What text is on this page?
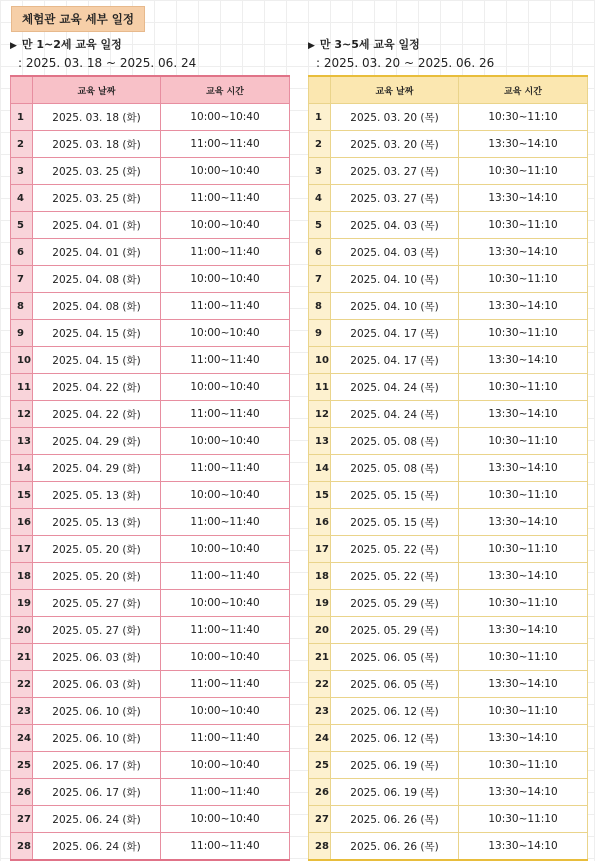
체험관 교육 세부 일정
▶ 만 1~2세 교육 일정
: 2025. 03. 18 ~ 2025. 06. 24
	교육 날짜	교육 시간
1	2025. 03. 18 (화)	10:00~10:40
2	2025. 03. 18 (화)	11:00~11:40
3	2025. 03. 25 (화)	10:00~10:40
4	2025. 03. 25 (화)	11:00~11:40
5	2025. 04. 01 (화)	10:00~10:40
6	2025. 04. 01 (화)	11:00~11:40
7	2025. 04. 08 (화)	10:00~10:40
8	2025. 04. 08 (화)	11:00~11:40
9	2025. 04. 15 (화)	10:00~10:40
10	2025. 04. 15 (화)	11:00~11:40
11	2025. 04. 22 (화)	10:00~10:40
12	2025. 04. 22 (화)	11:00~11:40
13	2025. 04. 29 (화)	10:00~10:40
14	2025. 04. 29 (화)	11:00~11:40
15	2025. 05. 13 (화)	10:00~10:40
16	2025. 05. 13 (화)	11:00~11:40
17	2025. 05. 20 (화)	10:00~10:40
18	2025. 05. 20 (화)	11:00~11:40
19	2025. 05. 27 (화)	10:00~10:40
20	2025. 05. 27 (화)	11:00~11:40
21	2025. 06. 03 (화)	10:00~10:40
22	2025. 06. 03 (화)	11:00~11:40
23	2025. 06. 10 (화)	10:00~10:40
24	2025. 06. 10 (화)	11:00~11:40
25	2025. 06. 17 (화)	10:00~10:40
26	2025. 06. 17 (화)	11:00~11:40
27	2025. 06. 24 (화)	10:00~10:40
28	2025. 06. 24 (화)	11:00~11:40
▶ 만 3~5세 교육 일정
: 2025. 03. 20 ~ 2025. 06. 26
	교육 날짜	교육 시간
1	2025. 03. 20 (목)	10:30~11:10
2	2025. 03. 20 (목)	13:30~14:10
3	2025. 03. 27 (목)	10:30~11:10
4	2025. 03. 27 (목)	13:30~14:10
5	2025. 04. 03 (목)	10:30~11:10
6	2025. 04. 03 (목)	13:30~14:10
7	2025. 04. 10 (목)	10:30~11:10
8	2025. 04. 10 (목)	13:30~14:10
9	2025. 04. 17 (목)	10:30~11:10
10	2025. 04. 17 (목)	13:30~14:10
11	2025. 04. 24 (목)	10:30~11:10
12	2025. 04. 24 (목)	13:30~14:10
13	2025. 05. 08 (목)	10:30~11:10
14	2025. 05. 08 (목)	13:30~14:10
15	2025. 05. 15 (목)	10:30~11:10
16	2025. 05. 15 (목)	13:30~14:10
17	2025. 05. 22 (목)	10:30~11:10
18	2025. 05. 22 (목)	13:30~14:10
19	2025. 05. 29 (목)	10:30~11:10
20	2025. 05. 29 (목)	13:30~14:10
21	2025. 06. 05 (목)	10:30~11:10
22	2025. 06. 05 (목)	13:30~14:10
23	2025. 06. 12 (목)	10:30~11:10
24	2025. 06. 12 (목)	13:30~14:10
25	2025. 06. 19 (목)	10:30~11:10
26	2025. 06. 19 (목)	13:30~14:10
27	2025. 06. 26 (목)	10:30~11:10
28	2025. 06. 26 (목)	13:30~14:10
